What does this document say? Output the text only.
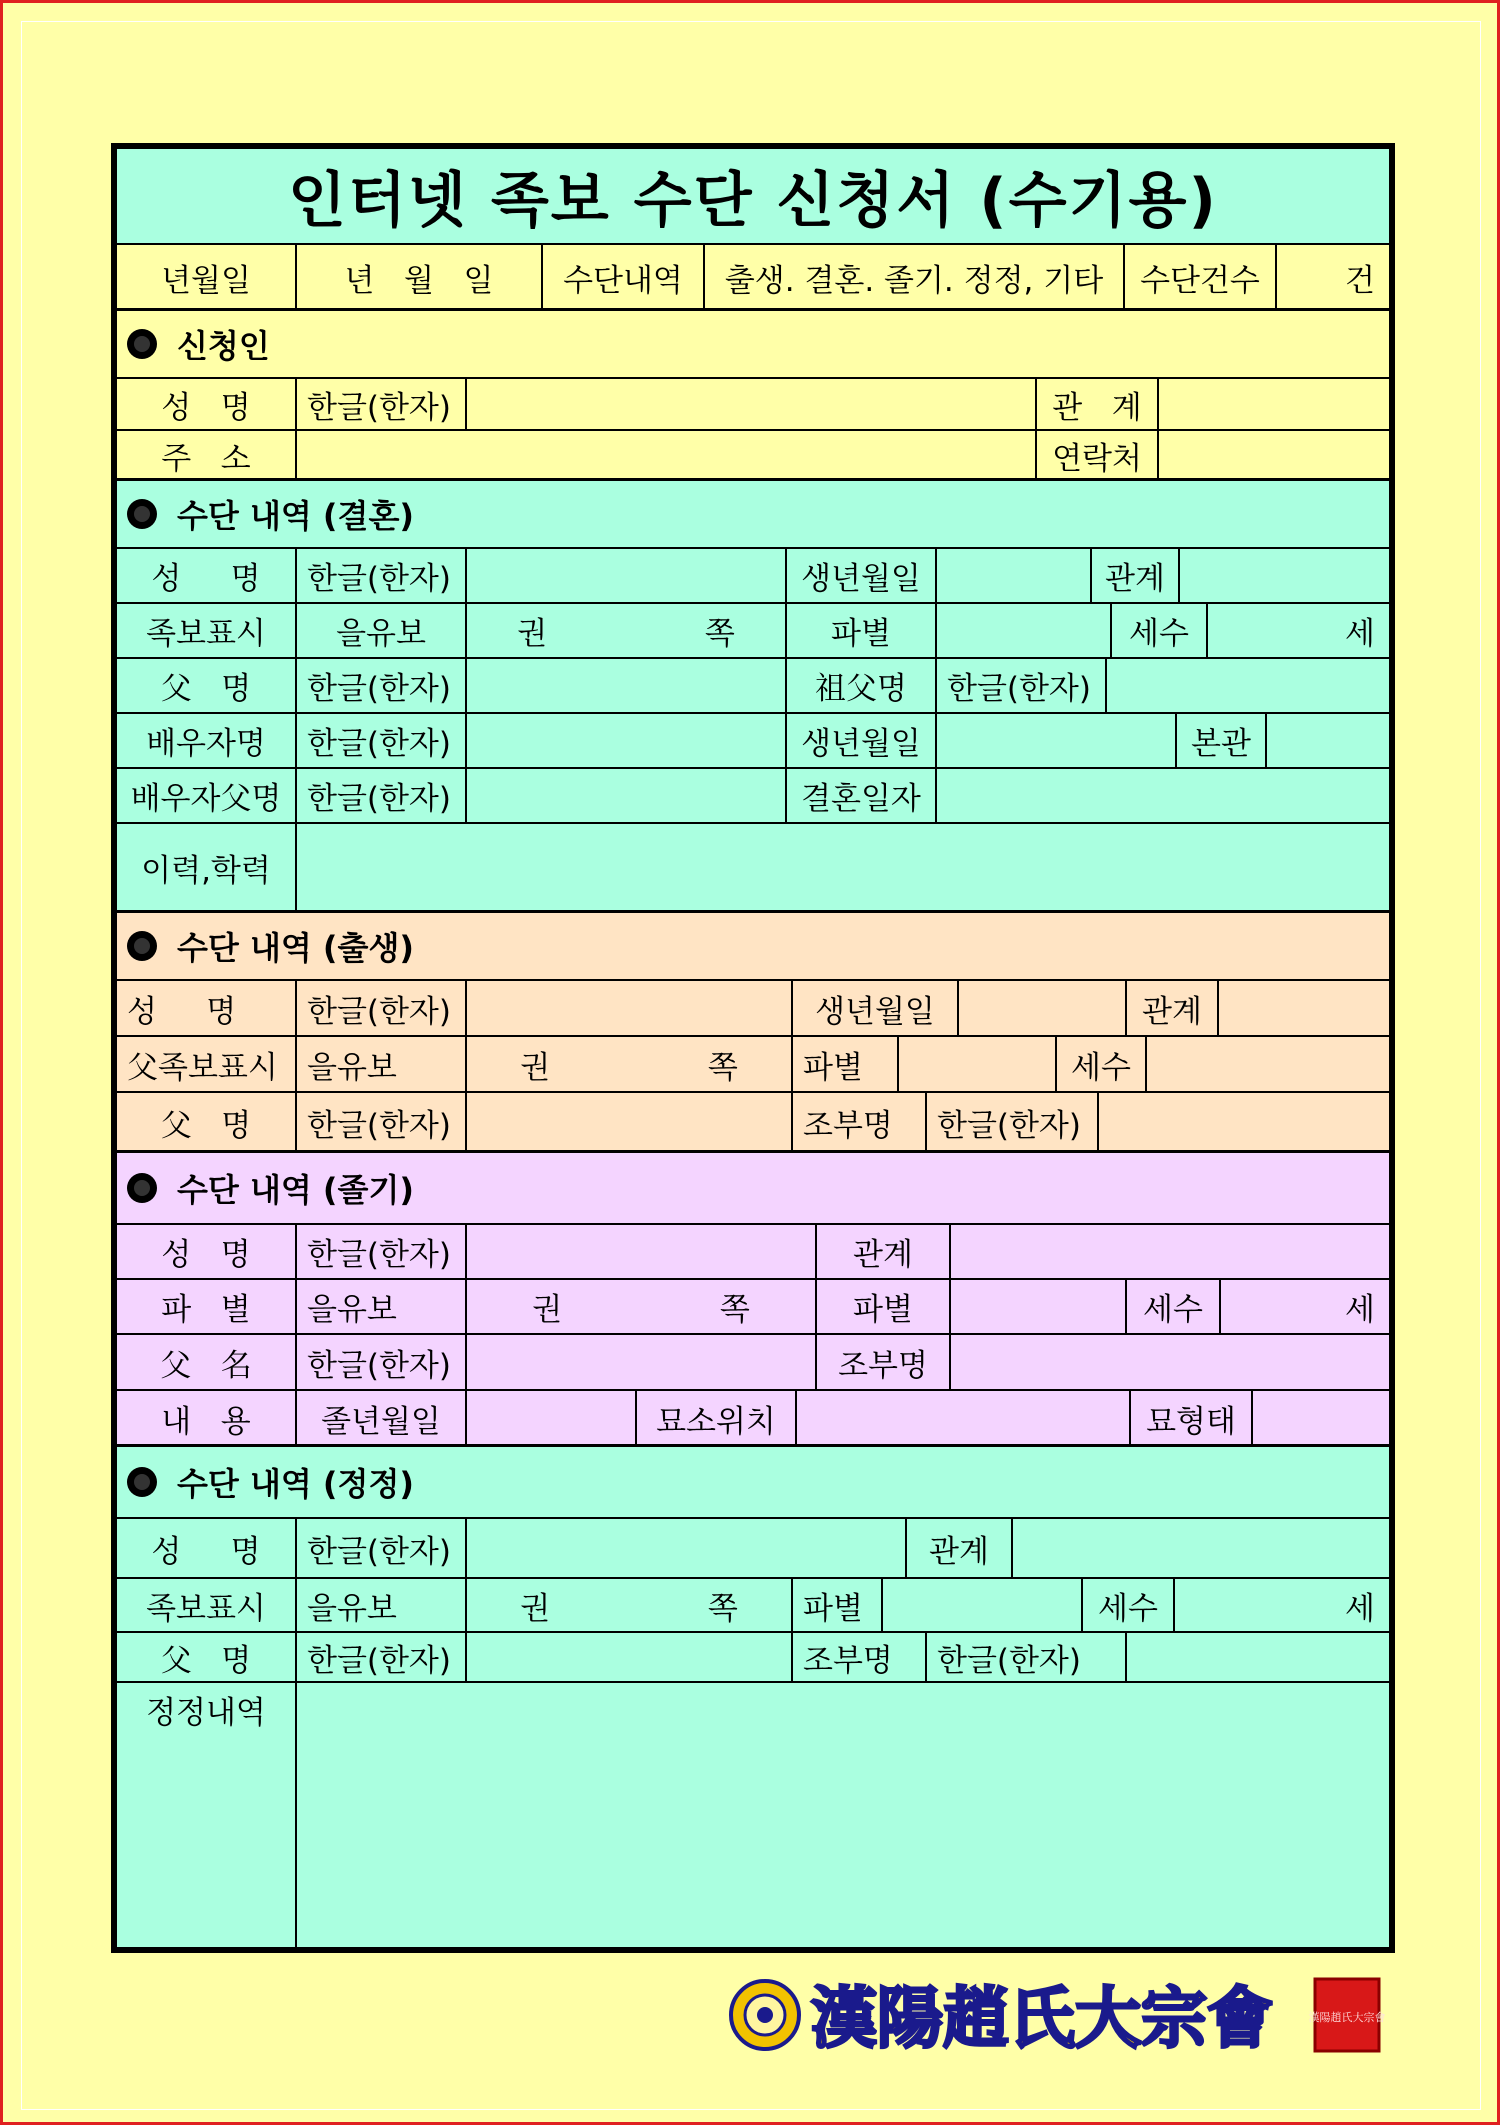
인터넷 족보 수단 신청서 (수기용)
년월일	년   월   일	수단내역	출생. 결혼. 졸기. 정정, 기타	수단건수	건
신청인
성   명	한글(한자)	관   계
주   소	연락처
수단 내역 (결혼)
성     명	한글(한자)	생년월일	관계
족보표시	을유보	권                쪽	파별	세수	세
父   명	한글(한자)	祖父명	한글(한자)
배우자명	한글(한자)	생년월일	본관
배우자父명 한글(한자)	결혼일자
이력,학력
수단 내역 (출생)
성     명	한글(한자)	생년월일	관계
父족보표시 을유보	권                쪽	파별	세수
父   명	한글(한자)	조부명	한글(한자)
수단 내역 (졸기)
성   명	한글(한자)	관계
파   별	을유보	권                쪽	파별	세수	세
父   名	한글(한자)	조부명
내   용	졸년월일	묘소위치	묘형태
수단 내역 (정정)
성     명	한글(한자)	관계
족보표시	을유보	권                쪽	파별	세수	세
父   명	한글(한자)	조부명	한글(한자)
정정내역
漢陽趙氏大宗會	漢陽趙氏大宗會
